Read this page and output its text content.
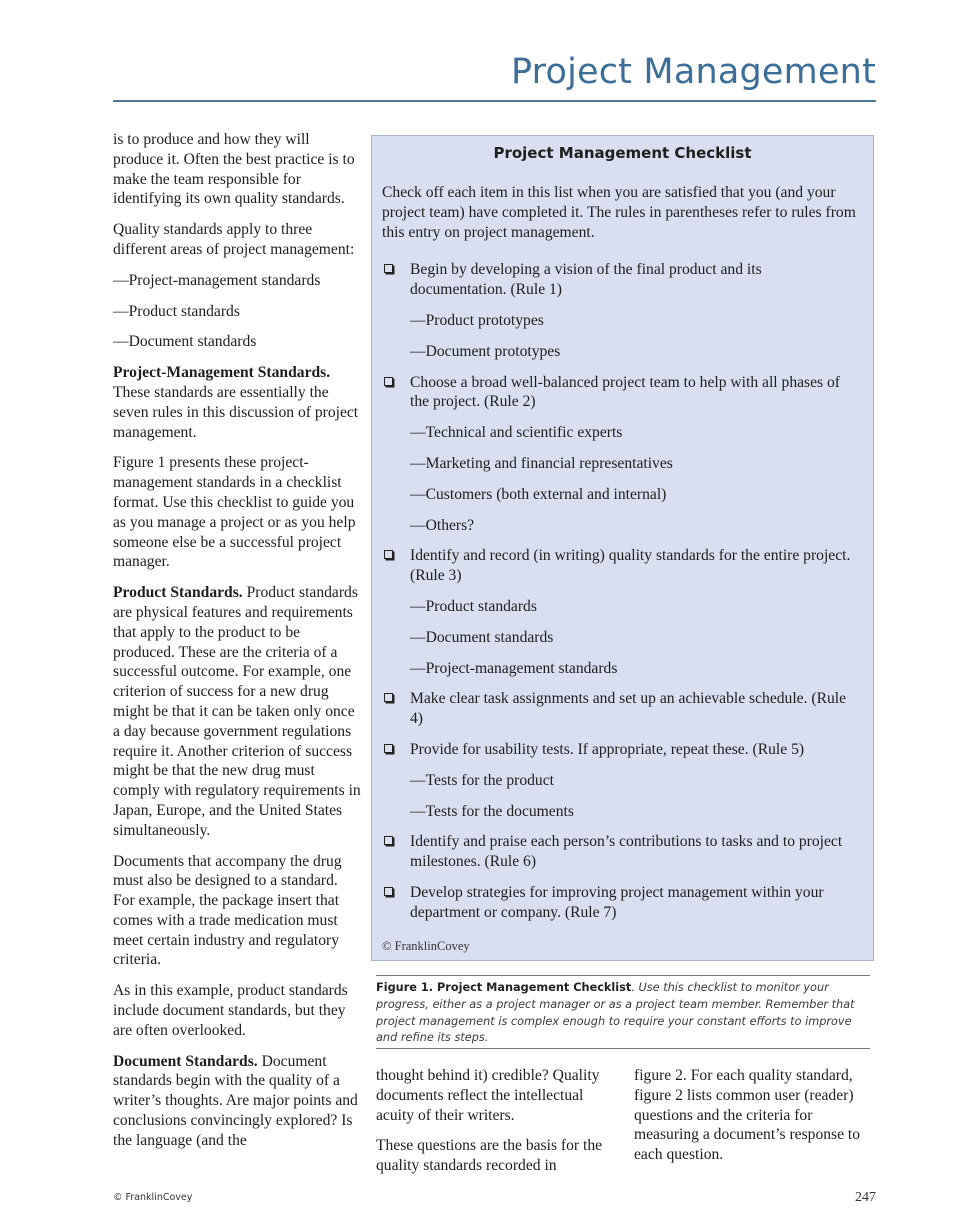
Project Management

is to produce and how they will produce it. Often the best practice is to make the team responsible for identifying its own quality standards.

Quality standards apply to three different areas of project management:

—Project-management standards

—Product standards

—Document standards

Project-Management Standards. These standards are essentially the seven rules in this discussion of project management.

Figure 1 presents these project-management standards in a checklist format. Use this checklist to guide you as you manage a project or as you help someone else be a successful project manager.

Product Standards. Product standards are physical features and requirements that apply to the product to be produced. These are the criteria of a successful outcome. For example, one criterion of success for a new drug might be that it can be taken only once a day because government regulations require it. Another criterion of success might be that the new drug must comply with regulatory requirements in Japan, Europe, and the United States simultaneously.

Documents that accompany the drug must also be designed to a standard. For example, the package insert that comes with a trade medication must meet certain industry and regulatory criteria.

As in this example, product standards include document standards, but they are often overlooked.

Document Standards. Document standards begin with the quality of a writer’s thoughts. Are major points and conclusions convincingly explored? Is the language (and the

Project Management Checklist
Check off each item in this list when you are satisfied that you (and your project team) have completed it. The rules in parentheses refer to rules from this entry on project management.
Begin by developing a vision of the final product and its documentation. (Rule 1)
—Product prototypes
—Document prototypes
Choose a broad well-balanced project team to help with all phases of the project. (Rule 2)
—Technical and scientific experts
—Marketing and financial representatives
—Customers (both external and internal)
—Others?
Identify and record (in writing) quality standards for the entire project. (Rule 3)
—Product standards
—Document standards
—Project-management standards
Make clear task assignments and set up an achievable schedule. (Rule 4)
Provide for usability tests. If appropriate, repeat these. (Rule 5)
—Tests for the product
—Tests for the documents
Identify and praise each person’s contributions to tasks and to project milestones. (Rule 6)
Develop strategies for improving project management within your department or company. (Rule 7)
© FranklinCovey
Figure 1. Project Management Checklist. Use this checklist to monitor your progress, either as a project manager or as a project team member. Remember that project management is complex enough to require your constant efforts to improve and refine its steps.

thought behind it) credible? Quality documents reflect the intellectual acuity of their writers.

These questions are the basis for the quality standards recorded in

figure 2. For each quality standard, figure 2 lists common user (reader) questions and the criteria for measuring a document’s response to each question.

© FranklinCovey	247
